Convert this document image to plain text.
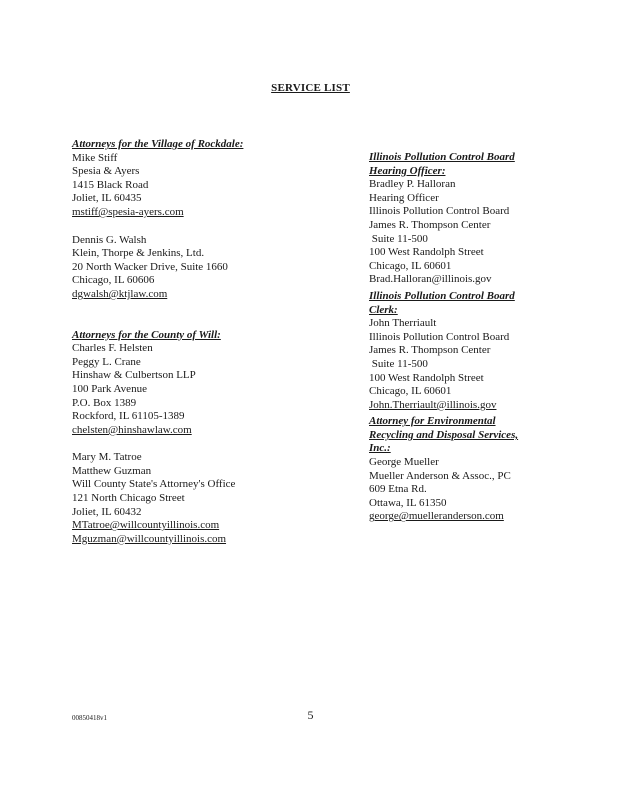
SERVICE LIST
Attorneys for the Village of Rockdale:
Mike Stiff
Spesia & Ayers
1415 Black Road
Joliet, IL 60435
mstiff@spesia-ayers.com
Dennis G. Walsh
Klein, Thorpe & Jenkins, Ltd.
20 North Wacker Drive, Suite 1660
Chicago, IL 60606
dgwalsh@ktjlaw.com
Attorneys for the County of Will:
Charles F. Helsten
Peggy L. Crane
Hinshaw & Culbertson LLP
100 Park Avenue
P.O. Box 1389
Rockford, IL 61105-1389
chelsten@hinshawlaw.com
Mary M. Tatroe
Matthew Guzman
Will County State's Attorney's Office
121 North Chicago Street
Joliet, IL 60432
MTatroe@willcountyillinois.com
Mguzman@willcountyillinois.com
Illinois Pollution Control Board
Hearing Officer:
Bradley P. Halloran
Hearing Officer
Illinois Pollution Control Board
James R. Thompson Center
Suite 11-500
100 West Randolph Street
Chicago, IL 60601
Brad.Halloran@illinois.gov
Illinois Pollution Control Board
Clerk:
John Therriault
Illinois Pollution Control Board
James R. Thompson Center
Suite 11-500
100 West Randolph Street
Chicago, IL 60601
John.Therriault@illinois.gov
Attorney for Environmental
Recycling and Disposal Services,
Inc.:
George Mueller
Mueller Anderson & Assoc., PC
609 Etna Rd.
Ottawa, IL 61350
george@muelleranderson.com
00850418v1	5
